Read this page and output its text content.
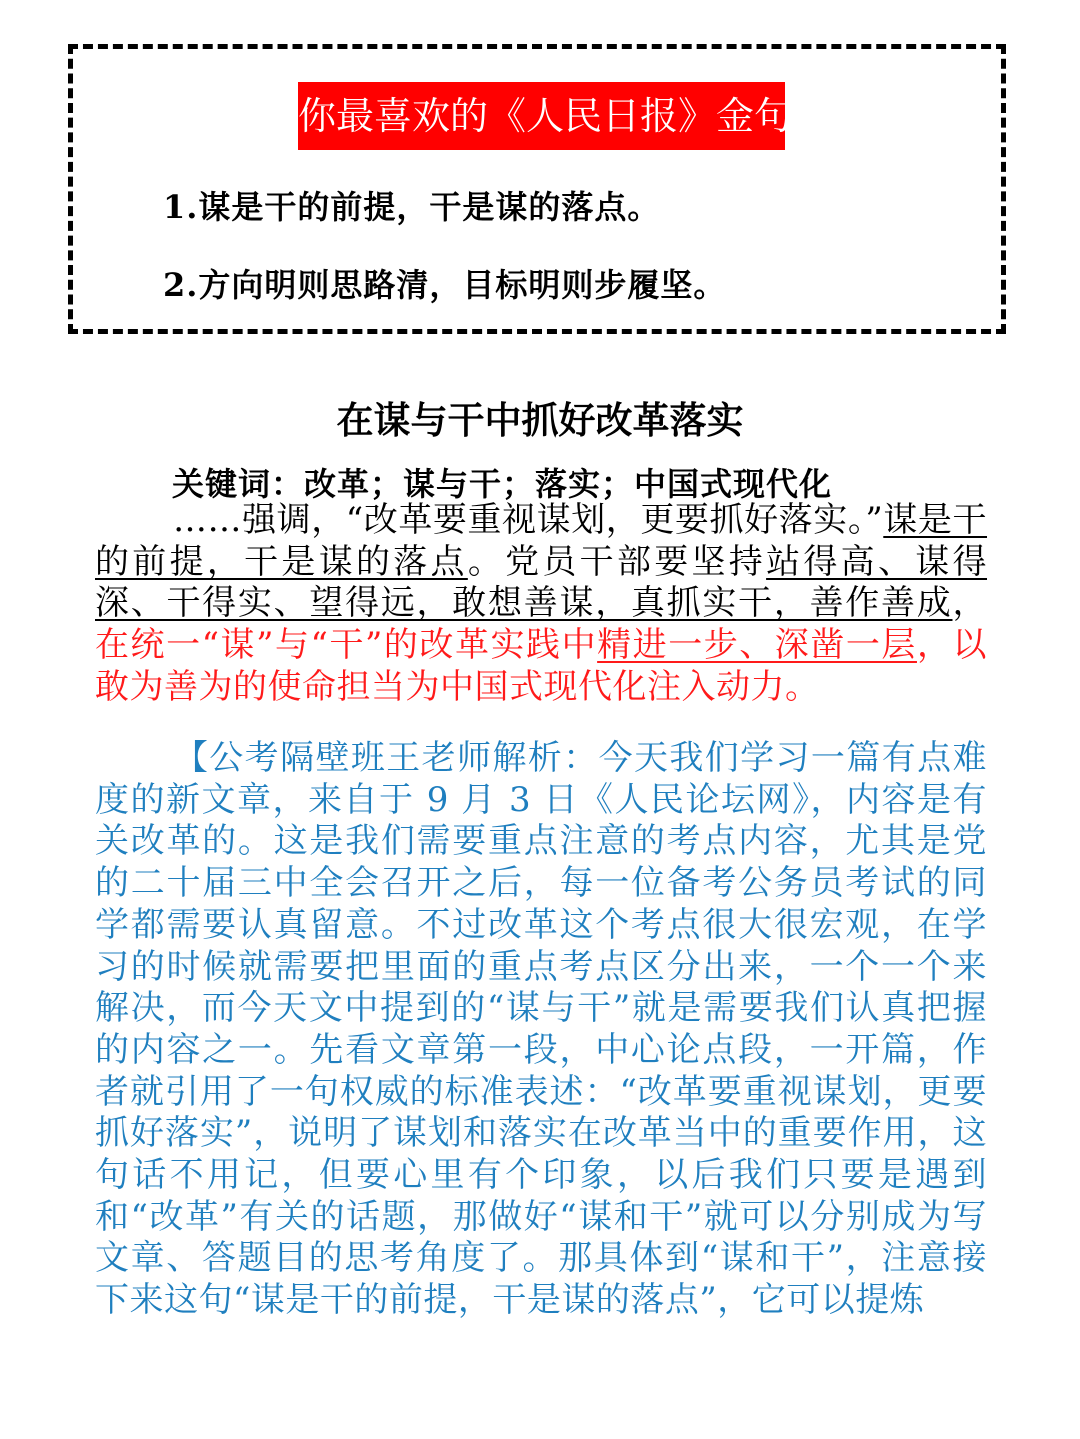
你最喜欢的《人民日报》金句
1.谋是干的前提，干是谋的落点。
2.方向明则思路清，目标明则步履坚。
在谋与干中抓好改革落实
关键词：改革；谋与干；落实；中国式现代化
……强调，“改革要重视谋划，更要抓好落实。”谋是干的前提，干是谋的落点。党员干部要坚持站得高、谋得深、干得实、望得远，敢想善谋，真抓实干，善作善成，在统一“谋”与“干”的改革实践中精进一步、深凿一层，以敢为善为的使命担当为中国式现代化注入动力。
【公考隔壁班王老师解析：今天我们学习一篇有点难度的新文章，来自于 9 月 3 日《人民论坛网》，内容是有关改革的。这是我们需要重点注意的考点内容，尤其是党的二十届三中全会召开之后，每一位备考公务员考试的同学都需要认真留意。不过改革这个考点很大很宏观，在学习的时候就需要把里面的重点考点区分出来，一个一个来解决，而今天文中提到的“谋与干”就是需要我们认真把握的内容之一。先看文章第一段，中心论点段，一开篇，作者就引用了一句权威的标准表述：“改革要重视谋划，更要抓好落实”，说明了谋划和落实在改革当中的重要作用，这句话不用记，但要心里有个印象，以后我们只要是遇到和“改革”有关的话题，那做好“谋和干”就可以分别成为写文章、答题目的思考角度了。那具体到“谋和干”，注意接下来这句“谋是干的前提，干是谋的落点”，它可以提炼
